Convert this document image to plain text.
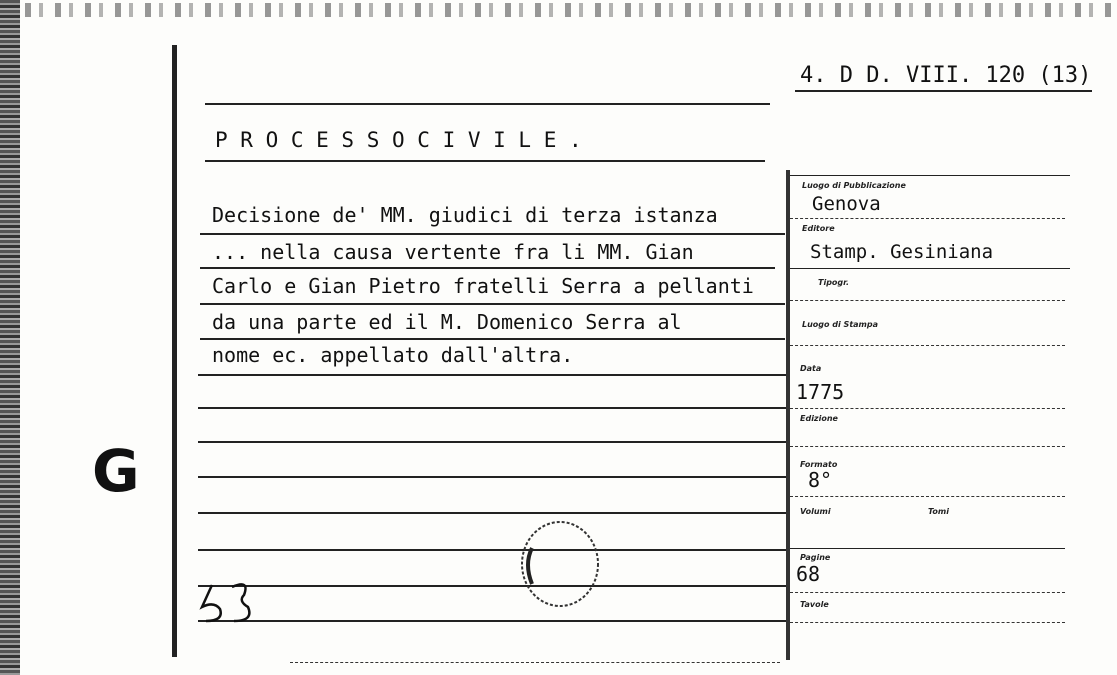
4. D D. VIII. 120 (13)
P R O C E S S O C I V I L E .
Decisione de' MM. giudici di terza istanza
... nella causa vertente fra li MM. Gian
Carlo e Gian Pietro fratelli Serra a pellanti
da una parte ed il M. Domenico Serra al
nome ec. appellato dall'altra.
G
Luogo di Pubblicazione
Genova
Editore
Stamp. Gesiniana
Tipogr.
Luogo di Stampa
Data
1775
Edizione
Formato
8°
Volumi	Tomi
Pagine
68
Tavole
